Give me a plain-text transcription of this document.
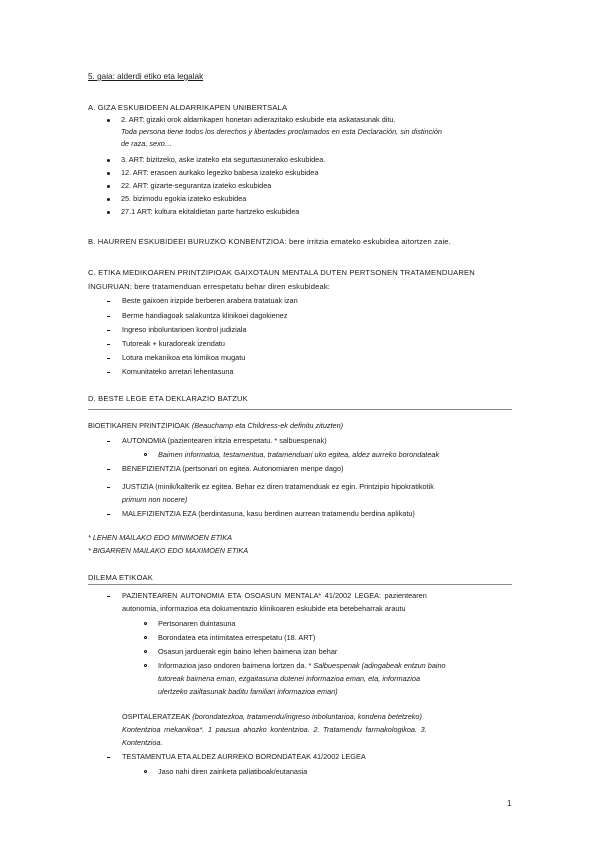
5. gaia: alderdi etiko eta legalak
A. GIZA ESKUBIDEEN ALDARRIKAPEN UNIBERTSALA
2. ART: gizaki orok aldarrikapen honetan adierazitako eskubide eta askatasunak ditu.
Toda persona tiene todos los derechos y libertades proclamados en esta Declaración, sin distinción
de raza, sexo…
3. ART: bizitzeko, aske izateko eta segurtasunerako eskubidea.
12. ART: erasoen aurkako legezko babesa izateko eskubidea
22. ART: gizarte-segurantza izateko eskubidea
25. bizimodu egokia izateko eskubidea
27.1 ART: kultura ekitaldietan parte hartzeko eskubidea
B. HAURREN ESKUBIDEEI BURUZKO KONBENTZIOA: bere irritzia emateko eskubidea aitortzen zaie.
C. ETIKA MEDIKOAREN PRINTZIPIOAK GAIXOTAUN MENTALA DUTEN PERTSONEN TRATAMENDUAREN
INGURUAN: bere tratamenduan errespetatu behar diren eskubideak:
Beste gaixoen irizpide berberen arabera tratatuak izan
Berme handiagoak salakuntza klinikoei dagokienez
Ingreso inboluntarioen kontrol judiziala
Tutoreak + kuradoreak izendatu
Lotura mekanikoa eta kimikoa mugatu
Komunitateko arretari lehentasuna
D. BESTE LEGE ETA DEKLARAZIO BATZUK
BIOETIKAREN PRINTZIPIOAK (Beauchamp eta Childress-ek definitu zituzten)
AUTONOMIA (pazientearen iritzia errespetatu. * salbuespenak)
Baimen informatua, testamentua, tratamenduari uko egitea, aldez aurreko borondateak
BENEFIZIENTZIA (pertsonari on egitea. Autonomiaren menpe dago)
JUSTIZIA (minik/kalterik ez egitea. Behar ez diren tratamenduak ez egin. Printzipio hipokratikotik
primum non nocere)
MALEFIZIENTZIA EZA (berdintasuna, kasu berdinen aurrean tratamendu berdina aplikatu)
* LEHEN MAILAKO EDO MINIMOEN ETIKA
* BIGARREN MAILAKO EDO MAXIMOEN ETIKA
DILEMA ETIKOAK
PAZIENTEAREN AUTONOMIA ETA OSOASUN MENTALA* 41/2002 LEGEA: pazientearen
autonomia, informazioa eta dokumentazio klinikoaren eskubide eta betebeharrak arautu
Pertsonaren duintasuna
Borondatea eta intimitatea errespetatu (18. ART)
Osasun jarduerak egin baino lehen baimena izan behar
Informazioa jaso ondoren baimena lortzen da. * Salbuespenak (adingabeak entzun baino
tutoreak baimena eman, ezgaitasuna dutenei informazioa eman, eta, informazioa
ulertzeko zailtasunak baditu familiari informazioa eman)
OSPITALERATZEAK (borondatezkoa, tratamendu/ingreso inboluntarioa, kondena betetzeko)
Kontentzioa mekanikoa*. 1 pausua ahozko kontentzioa. 2. Tratamendu farmakologikoa. 3.
Kontentzioa.
TESTAMENTUA ETA ALDEZ AURREKO BORONDATEAK 41/2002 LEGEA
Jaso nahi diren zainketa paliatiboak/eutanasia
1
